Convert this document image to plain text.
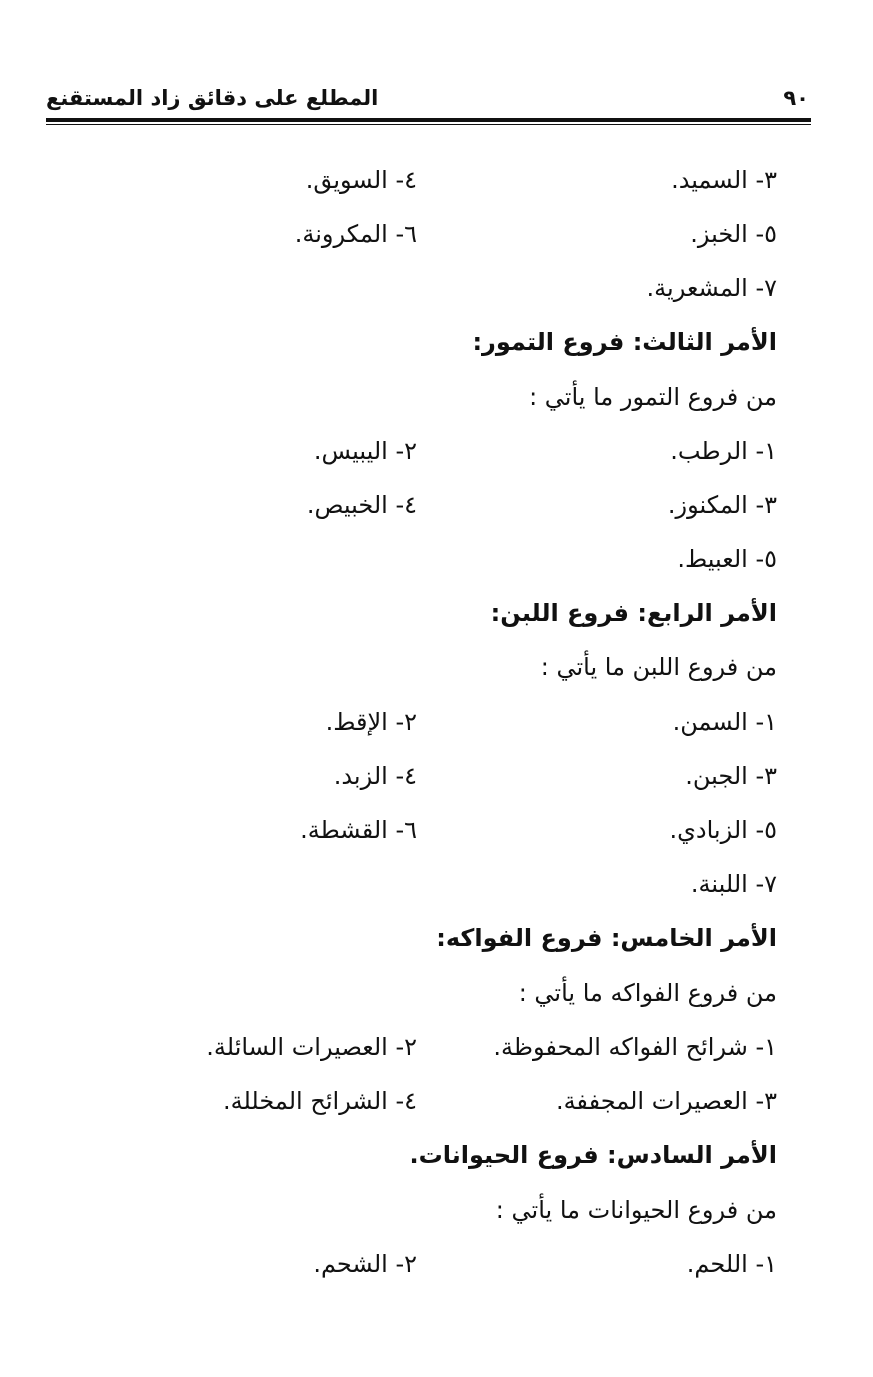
٩٠
المطلع على دقائق زاد المستقنع
٣- السميد.
٤- السويق.
٥- الخبز.
٦- المكرونة.
٧- المشعرية.
الأمر الثالث: فروع التمور:
من فروع التمور ما يأتي :
١- الرطب.
٢- اليبيس.
٣- المكنوز.
٤- الخبيص.
٥- العبيط.
الأمر الرابع: فروع اللبن:
من فروع اللبن ما يأتي :
١- السمن.
٢- الإقط.
٣- الجبن.
٤- الزبد.
٥- الزبادي.
٦- القشطة.
٧- اللبنة.
الأمر الخامس: فروع الفواكه:
من فروع الفواكه ما يأتي :
١- شرائح الفواكه المحفوظة.
٢- العصيرات السائلة.
٣- العصيرات المجففة.
٤- الشرائح المخللة.
الأمر السادس: فروع الحيوانات.
من فروع الحيوانات ما يأتي :
١- اللحم.
٢- الشحم.
